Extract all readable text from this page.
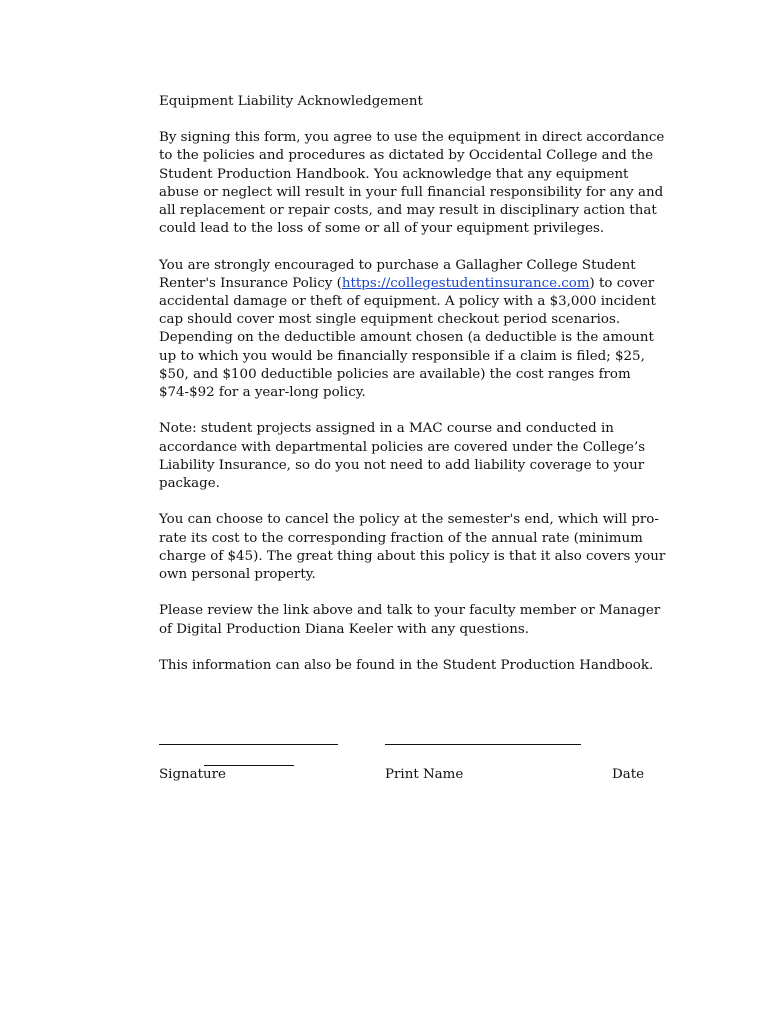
Equipment Liability Acknowledgement

By signing this form, you agree to use the equipment in direct accordance to the policies and procedures as dictated by Occidental College and the Student Production Handbook. You acknowledge that any equipment abuse or neglect will result in your full financial responsibility for any and all replacement or repair costs, and may result in disciplinary action that could lead to the loss of some or all of your equipment privileges.

You are strongly encouraged to purchase a Gallagher College Student Renter's Insurance Policy (https://collegestudentinsurance.com) to cover accidental damage or theft of equipment. A policy with a $3,000 incident cap should cover most single equipment checkout period scenarios. Depending on the deductible amount chosen (a deductible is the amount up to which you would be financially responsible if a claim is filed; $25, $50, and $100 deductible policies are available) the cost ranges from $74-$92 for a year-long policy.

Note: student projects assigned in a MAC course and conducted in accordance with departmental policies are covered under the College’s Liability Insurance, so do you not need to add liability coverage to your package.

You can choose to cancel the policy at the semester's end, which will pro-rate its cost to the corresponding fraction of the annual rate (minimum charge of $45). The great thing about this policy is that it also covers your own personal property.

Please review the link above and talk to your faculty member or Manager of Digital Production Diana Keeler with any questions.

This information can also be found in the Student Production Handbook.

Signature	Print Name	Date
